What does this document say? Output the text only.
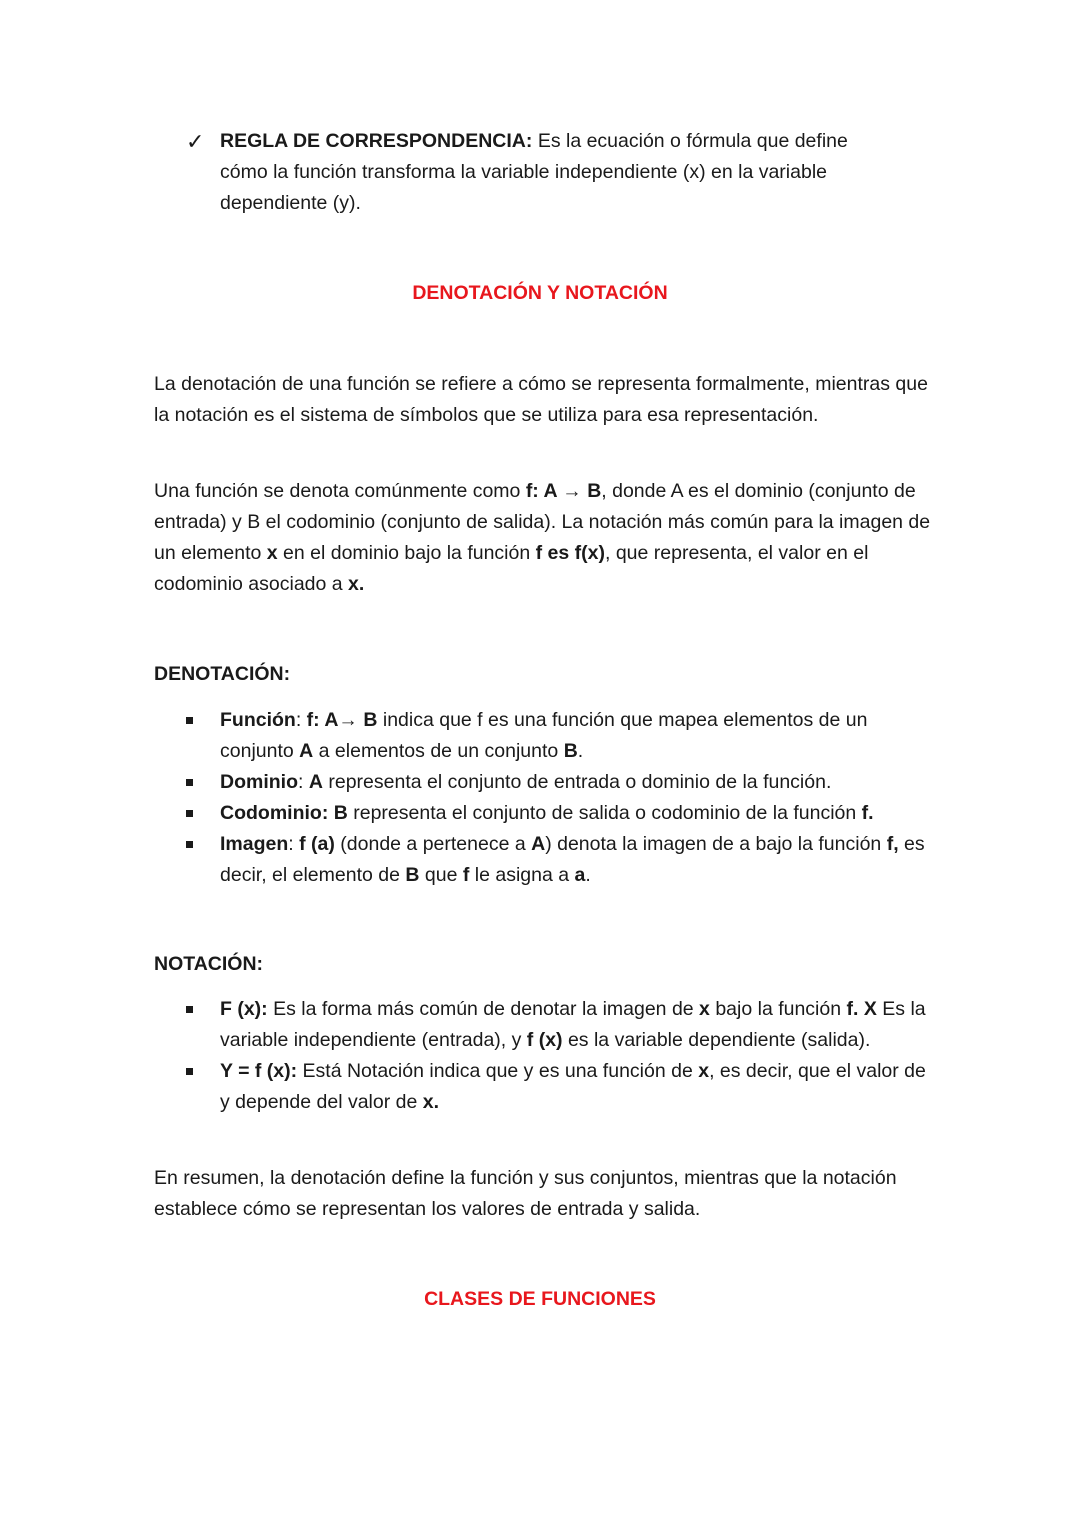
✓ REGLA DE CORRESPONDENCIA: Es la ecuación o fórmula que define cómo la función transforma la variable independiente (x) en la variable dependiente (y).
DENOTACIÓN Y NOTACIÓN
La denotación de una función se refiere a cómo se representa formalmente, mientras que la notación es el sistema de símbolos que se utiliza para esa representación.
Una función se denota comúnmente como f: A → B, donde A es el dominio (conjunto de entrada) y B el codominio (conjunto de salida). La notación más común para la imagen de un elemento x en el dominio bajo la función f es f(x), que representa, el valor en el codominio asociado a x.
DENOTACIÓN:
Función: f: A→ B indica que f es una función que mapea elementos de un conjunto A a elementos de un conjunto B.
Dominio: A representa el conjunto de entrada o dominio de la función.
Codominio: B representa el conjunto de salida o codominio de la función f.
Imagen: f (a) (donde a pertenece a A) denota la imagen de a bajo la función f, es decir, el elemento de B que f le asigna a a.
NOTACIÓN:
F (x): Es la forma más común de denotar la imagen de x bajo la función f. X Es la variable independiente (entrada), y f (x) es la variable dependiente (salida).
Y = f (x): Está Notación indica que y es una función de x, es decir, que el valor de y depende del valor de x.
En resumen, la denotación define la función y sus conjuntos, mientras que la notación establece cómo se representan los valores de entrada y salida.
CLASES DE FUNCIONES
